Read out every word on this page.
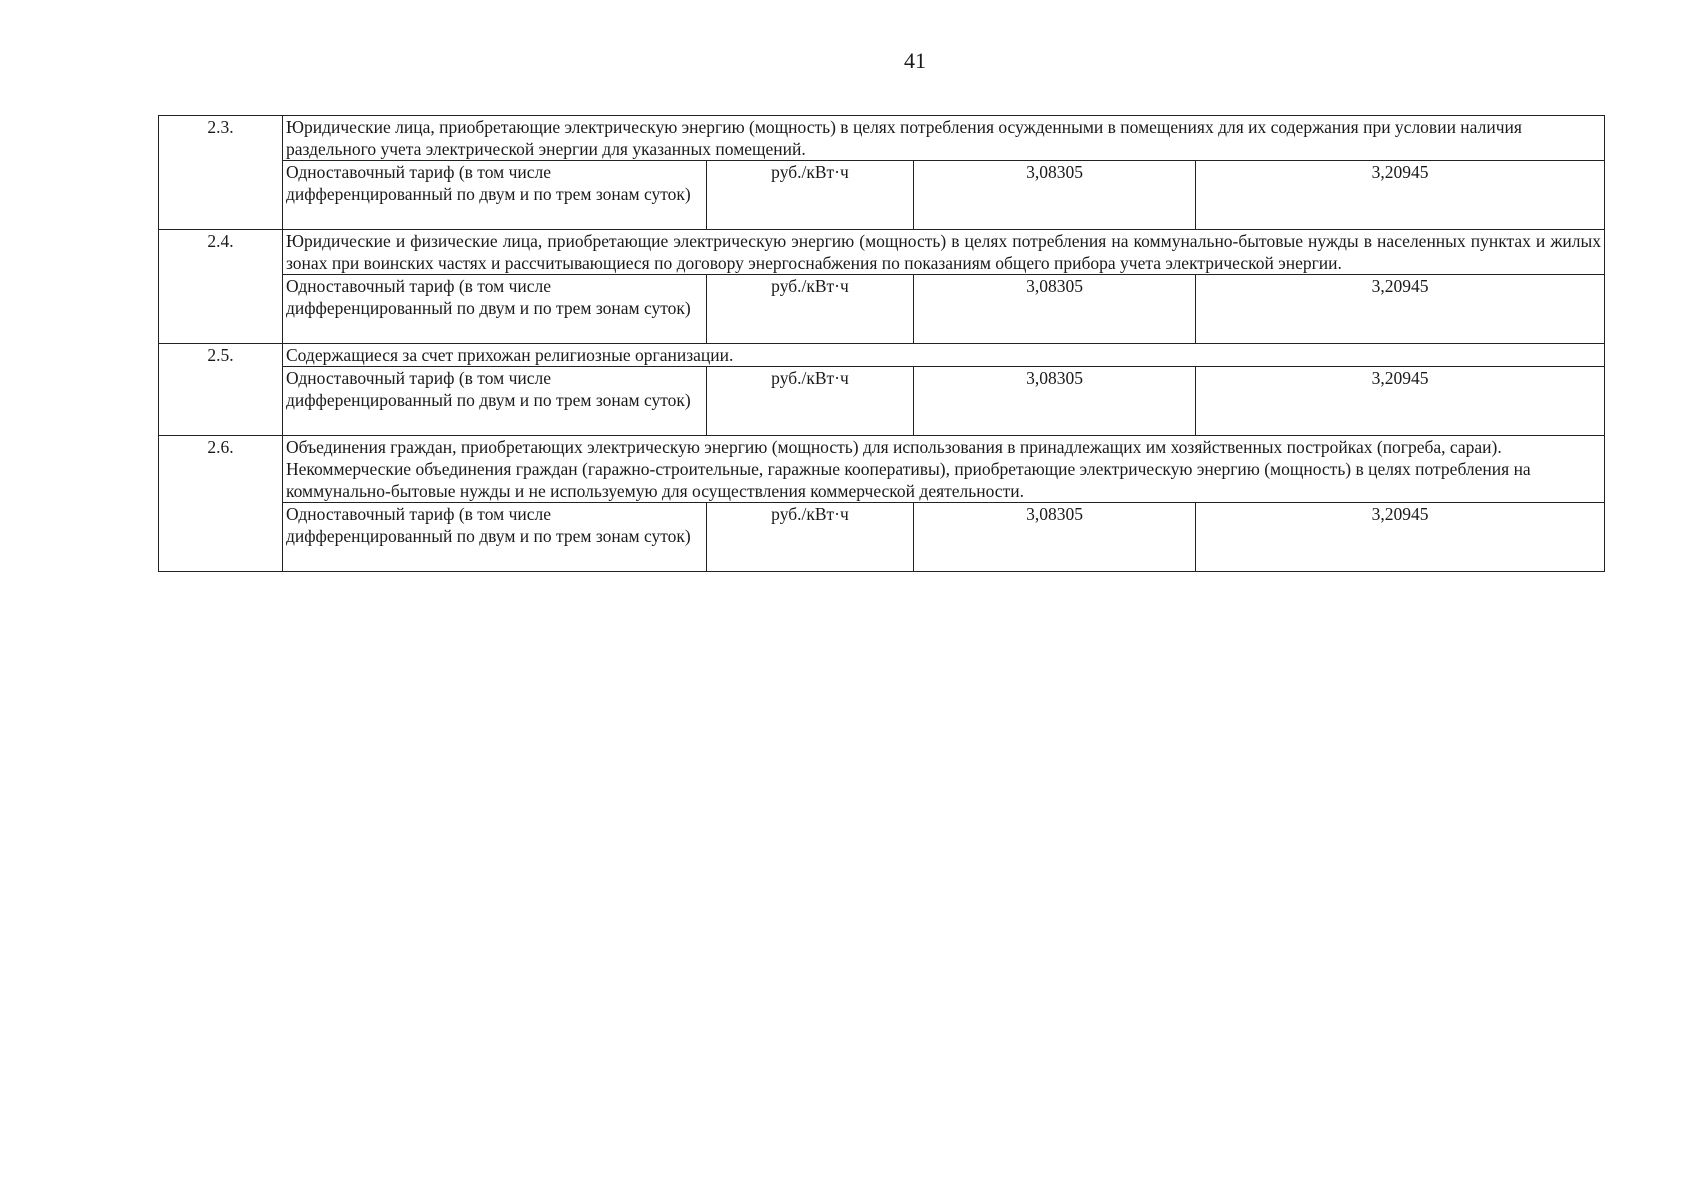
41
2.3.	Юридические лица, приобретающие электрическую энергию (мощность) в целях потребления осужденными в помещениях для их содержания при условии наличия раздельного учета электрической энергии для указанных помещений.			
	Одноставочный тариф (в том числе дифференцированный по двум и по трем зонам суток)	руб./кВт·ч	3,08305	3,20945
2.4.	Юридические и физические лица, приобретающие электрическую энергию (мощность) в целях потребления на коммунально-бытовые нужды в населенных пунктах и жилых зонах при воинских частях и рассчитывающиеся по договору энергоснабжения по показаниям общего прибора учета электрической энергии.			
	Одноставочный тариф (в том числе дифференцированный по двум и по трем зонам суток)	руб./кВт·ч	3,08305	3,20945
2.5.	Содержащиеся за счет прихожан религиозные организации.			
	Одноставочный тариф (в том числе дифференцированный по двум и по трем зонам суток)	руб./кВт·ч	3,08305	3,20945
2.6.	Объединения граждан, приобретающих электрическую энергию (мощность) для использования в принадлежащих им хозяйственных постройках (погреба, сараи).
Некоммерческие объединения граждан (гаражно-строительные, гаражные кооперативы), приобретающие электрическую энергию (мощность) в целях потребления на коммунально-бытовые нужды и не используемую для осуществления коммерческой деятельности.			

	Одноставочный тариф (в том числе дифференцированный по двум и по трем зонам суток)	руб./кВт·ч	3,08305	3,20945
